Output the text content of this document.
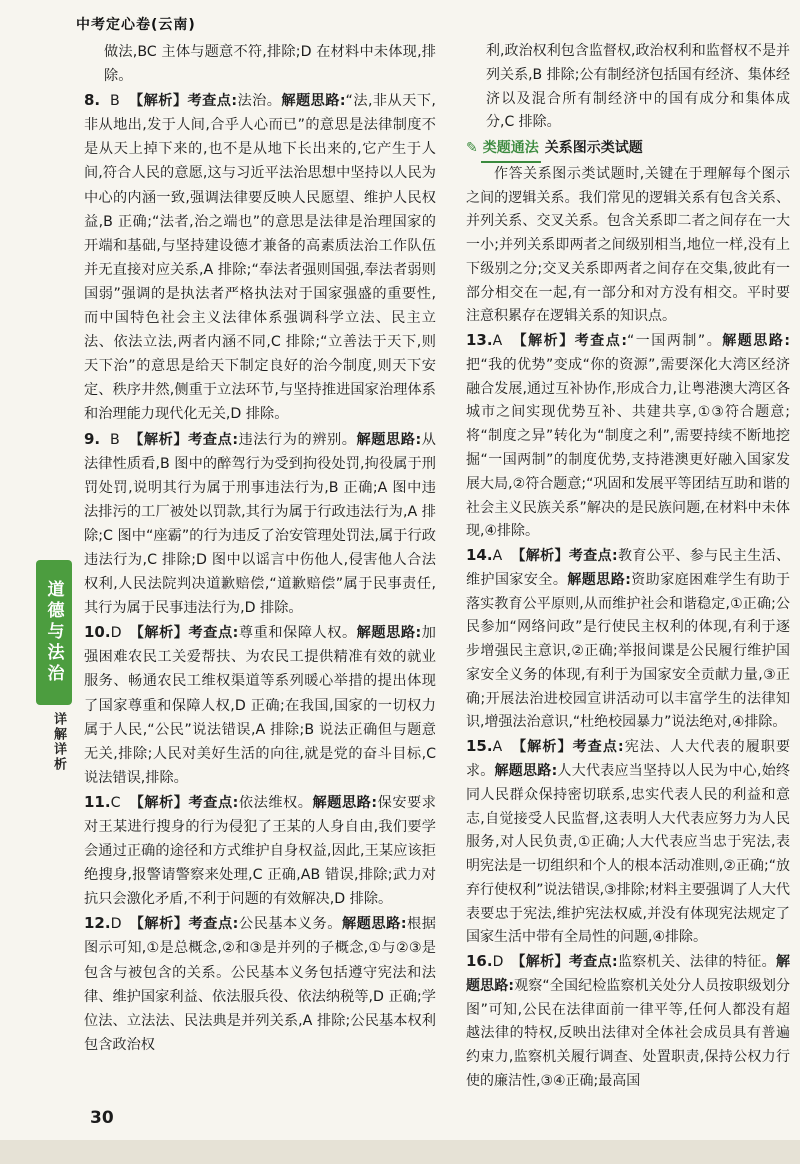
中考定心卷(云南)

做法,BC 主体与题意不符,排除;D 在材料中未体现,排除。

8. B 【解析】考查点:法治。解题思路:“法,非从天下,非从地出,发于人间,合乎人心而已”的意思是法律制度不是从天上掉下来的,也不是从地下长出来的,它产生于人间,符合人民的意愿,这与习近平法治思想中坚持以人民为中心的内涵一致,强调法律要反映人民愿望、维护人民权益,B 正确;“法者,治之端也”的意思是法律是治理国家的开端和基础,与坚持建设德才兼备的高素质法治工作队伍并无直接对应关系,A 排除;“奉法者强则国强,奉法者弱则国弱”强调的是执法者严格执法对于国家强盛的重要性,而中国特色社会主义法律体系强调科学立法、民主立法、依法立法,两者内涵不同,C 排除;“立善法于天下,则天下治”的意思是给天下制定良好的治今制度,则天下安定、秩序井然,侧重于立法环节,与坚持推进国家治理体系和治理能力现代化无关,D 排除。

9. B 【解析】考查点:违法行为的辨别。解题思路:从法律性质看,B 图中的醉驾行为受到拘役处罚,拘役属于刑罚处罚,说明其行为属于刑事违法行为,B 正确;A 图中违法排污的工厂被处以罚款,其行为属于行政违法行为,A 排除;C 图中“座霸”的行为违反了治安管理处罚法,属于行政违法行为,C 排除;D 图中以谣言中伤他人,侵害他人合法权利,人民法院判决道歉赔偿,“道歉赔偿”属于民事责任,其行为属于民事违法行为,D 排除。

10.D 【解析】考查点:尊重和保障人权。解题思路:加强困难农民工关爱帮扶、为农民工提供精准有效的就业服务、畅通农民工维权渠道等系列暖心举措的提出体现了国家尊重和保障人权,D 正确;在我国,国家的一切权力属于人民,“公民”说法错误,A 排除;B 说法正确但与题意无关,排除;人民对美好生活的向往,就是党的奋斗目标,C 说法错误,排除。

11.C 【解析】考查点:依法维权。解题思路:保安要求对王某进行搜身的行为侵犯了王某的人身自由,我们要学会通过正确的途径和方式维护自身权益,因此,王某应该拒绝搜身,报警请警察来处理,C 正确,AB 错误,排除;武力对抗只会激化矛盾,不利于问题的有效解决,D 排除。

12.D 【解析】考查点:公民基本义务。解题思路:根据图示可知,①是总概念,②和③是并列的子概念,①与②③是包含与被包含的关系。公民基本义务包括遵守宪法和法律、维护国家利益、依法服兵役、依法纳税等,D 正确;学位法、立法法、民法典是并列关系,A 排除;公民基本权利包含政治权

利,政治权利包含监督权,政治权利和监督权不是并列关系,B 排除;公有制经济包括国有经济、集体经济以及混合所有制经济中的国有成分和集体成分,C 排除。

✎ 类题通法 关系图示类试题

作答关系图示类试题时,关键在于理解每个图示之间的逻辑关系。我们常见的逻辑关系有包含关系、并列关系、交叉关系。包含关系即二者之间存在一大一小;并列关系即两者之间级别相当,地位一样,没有上下级别之分;交叉关系即两者之间存在交集,彼此有一部分相交在一起,有一部分和对方没有相交。平时要注意积累存在逻辑关系的知识点。

13.A 【解析】考查点:“一国两制”。解题思路:把“我的优势”变成“你的资源”,需要深化大湾区经济融合发展,通过互补协作,形成合力,让粤港澳大湾区各城市之间实现优势互补、共建共享,①③符合题意;将“制度之异”转化为“制度之利”,需要持续不断地挖掘“一国两制”的制度优势,支持港澳更好融入国家发展大局,②符合题意;“巩固和发展平等团结互助和谐的社会主义民族关系”解决的是民族问题,在材料中未体现,④排除。

14.A 【解析】考查点:教育公平、参与民主生活、维护国家安全。解题思路:资助家庭困难学生有助于落实教育公平原则,从而维护社会和谐稳定,①正确;公民参加“网络问政”是行使民主权利的体现,有利于逐步增强民主意识,②正确;举报间谍是公民履行维护国家安全义务的体现,有利于为国家安全贡献力量,③正确;开展法治进校园宣讲活动可以丰富学生的法律知识,增强法治意识,“杜绝校园暴力”说法绝对,④排除。

15.A 【解析】考查点:宪法、人大代表的履职要求。解题思路:人大代表应当坚持以人民为中心,始终同人民群众保持密切联系,忠实代表人民的利益和意志,自觉接受人民监督,这表明人大代表应努力为人民服务,对人民负责,①正确;人大代表应当忠于宪法,表明宪法是一切组织和个人的根本活动准则,②正确;“放弃行使权利”说法错误,③排除;材料主要强调了人大代表要忠于宪法,维护宪法权威,并没有体现宪法规定了国家生活中带有全局性的问题,④排除。

16.D 【解析】考查点:监察机关、法律的特征。解题思路:观察“全国纪检监察机关处分人员按职级划分图”可知,公民在法律面前一律平等,任何人都没有超越法律的特权,反映出法律对全体社会成员具有普遍约束力,监察机关履行调查、处置职责,保持公权力行使的廉洁性,③④正确;最高国

道德与法治
详解详析
30
